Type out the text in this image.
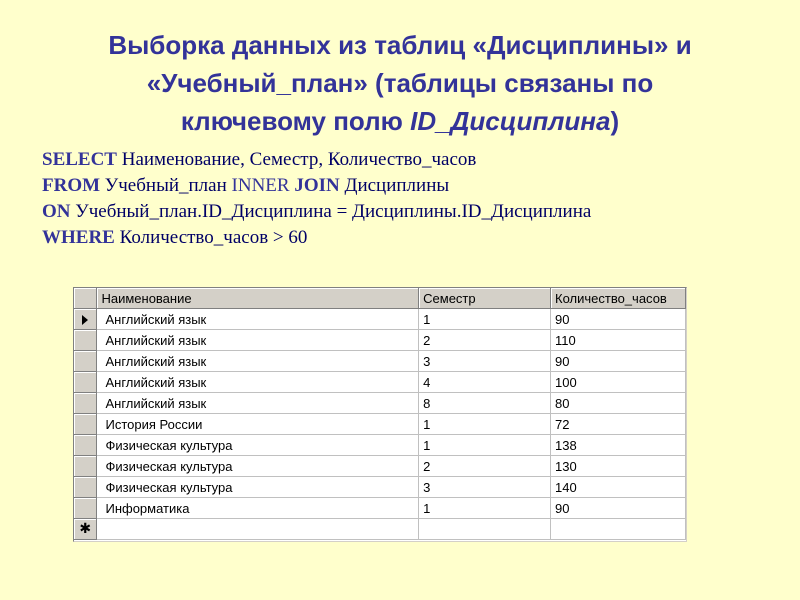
Выборка данных из таблиц «Дисциплины» и
«Учебный_план» (таблицы связаны по
ключевому полю ID_Дисциплина)
SELECT Наименование, Семестр, Количество_часов
FROM Учебный_план INNER JOIN Дисциплины
ON Учебный_план.ID_Дисциплина = Дисциплины.ID_Дисциплина
WHERE Количество_часов > 60
	Наименование	Семестр	Количество_часов
	Английский язык	1	90
	Английский язык	2	110
	Английский язык	3	90
	Английский язык	4	100
	Английский язык	8	80
	История России	1	72
	Физическая культура	1	138
	Физическая культура	2	130
	Физическая культура	3	140
	Информатика	1	90
✱			
